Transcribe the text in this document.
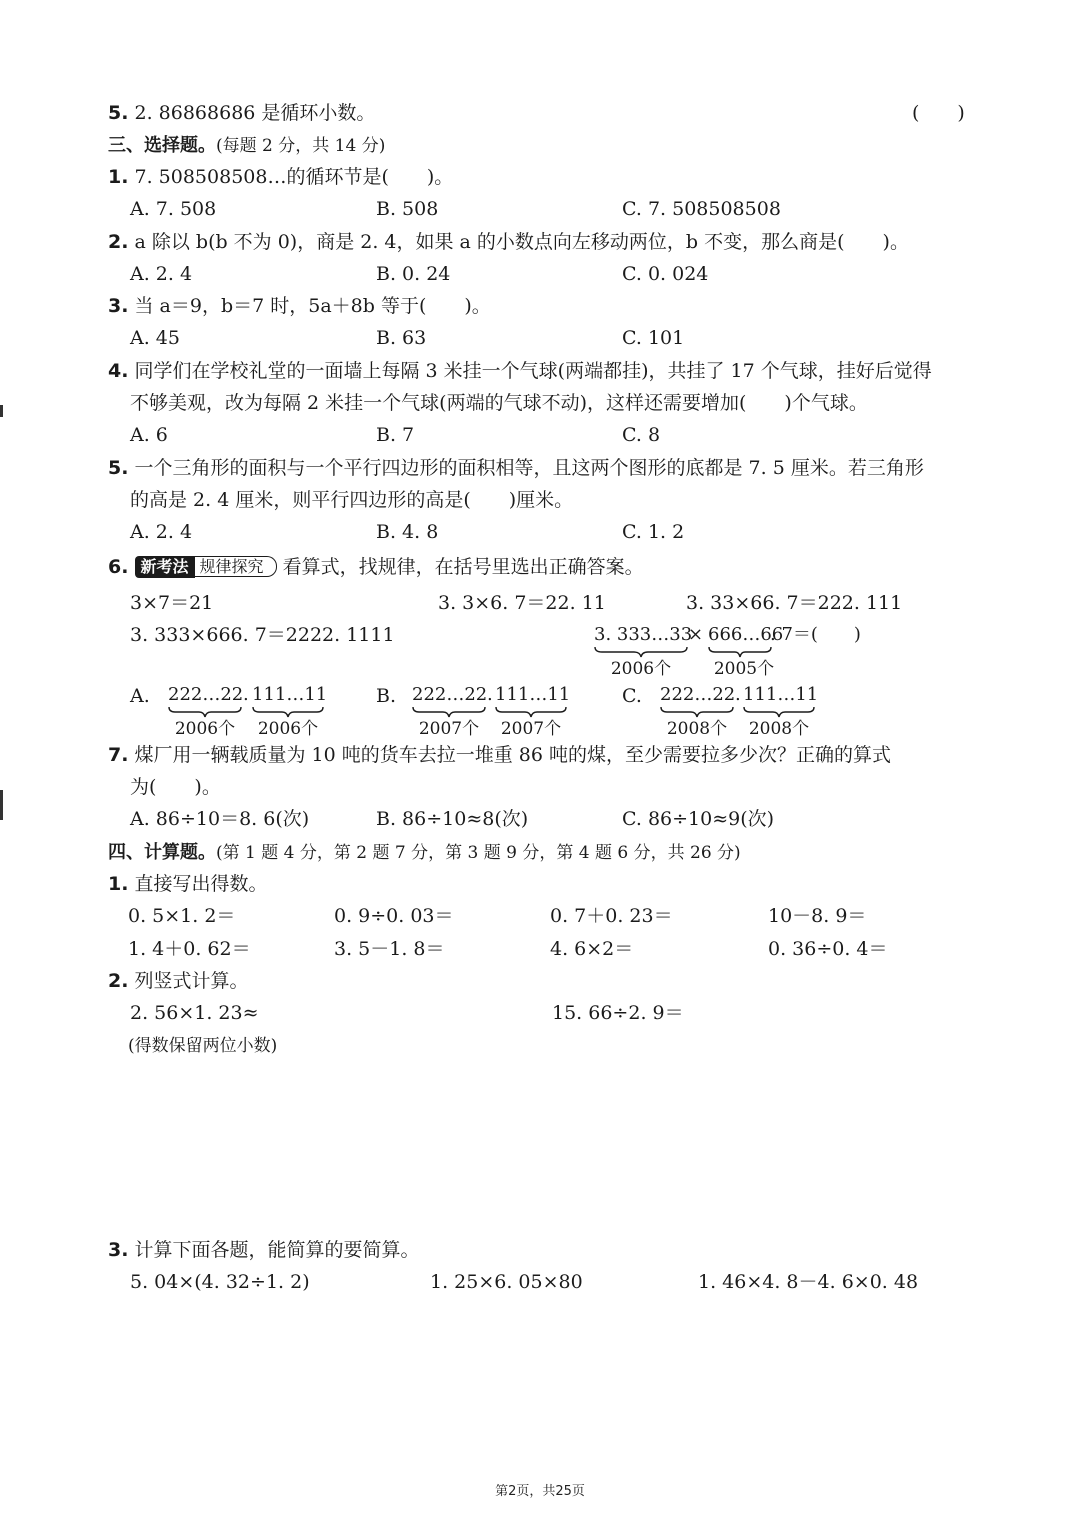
5. 2. 86868686 是循环小数。	(　　)
三、选择题。(每题 2 分，共 14 分)
1. 7. 508508508…的循环节是(　　)。
A. 7. 508	B. 508	C. 7. 508508508
2. a 除以 b(b 不为 0)，商是 2. 4，如果 a 的小数点向左移动两位，b 不变，那么商是(　　)。
A. 2. 4	B. 0. 24	C. 0. 024
3. 当 a＝9，b＝7 时，5a＋8b 等于(　　)。
A. 45	B. 63	C. 101
4. 同学们在学校礼堂的一面墙上每隔 3 米挂一个气球(两端都挂)，共挂了 17 个气球，挂好后觉得
不够美观，改为每隔 2 米挂一个气球(两端的气球不动)，这样还需要增加(　　)个气球。
A. 6	B. 7	C. 8
5. 一个三角形的面积与一个平行四边形的面积相等，且这两个图形的底都是 7. 5 厘米。若三角形
的高是 2. 4 厘米，则平行四边形的高是(　　)厘米。
A. 2. 4	B. 4. 8	C. 1. 2
6. 新考法 规律探究 看算式，找规律，在括号里选出正确答案。
3×7＝21	3. 3×6. 7＝22. 11	3. 33×66. 7＝222. 111
3. 333×666. 7＝2222. 1111	3. 333…33
× 666…66
. 7＝(　　)
2006个	2005个
A. 222…22 . 111…11
2006个	2006个
B. 222…22 . 111…11
2007个	2007个
C. 222…22 . 111…11
2008个	2008个
7. 煤厂用一辆载质量为 10 吨的货车去拉一堆重 86 吨的煤，至少需要拉多少次？正确的算式
为(　　)。
A. 86÷10＝8. 6(次)	B. 86÷10≈8(次)	C. 86÷10≈9(次)
四、计算题。(第 1 题 4 分，第 2 题 7 分，第 3 题 9 分，第 4 题 6 分，共 26 分)
1. 直接写出得数。
0. 5×1. 2＝	0. 9÷0. 03＝	0. 7＋0. 23＝	10－8. 9＝
1. 4＋0. 62＝	3. 5－1. 8＝	4. 6×2＝	0. 36÷0. 4＝
2. 列竖式计算。
2. 56×1. 23≈	15. 66÷2. 9＝
(得数保留两位小数)
3. 计算下面各题，能简算的要简算。
5. 04×(4. 32÷1. 2)	1. 25×6. 05×80	1. 46×4. 8－4. 6×0. 48
第2页，共25页
